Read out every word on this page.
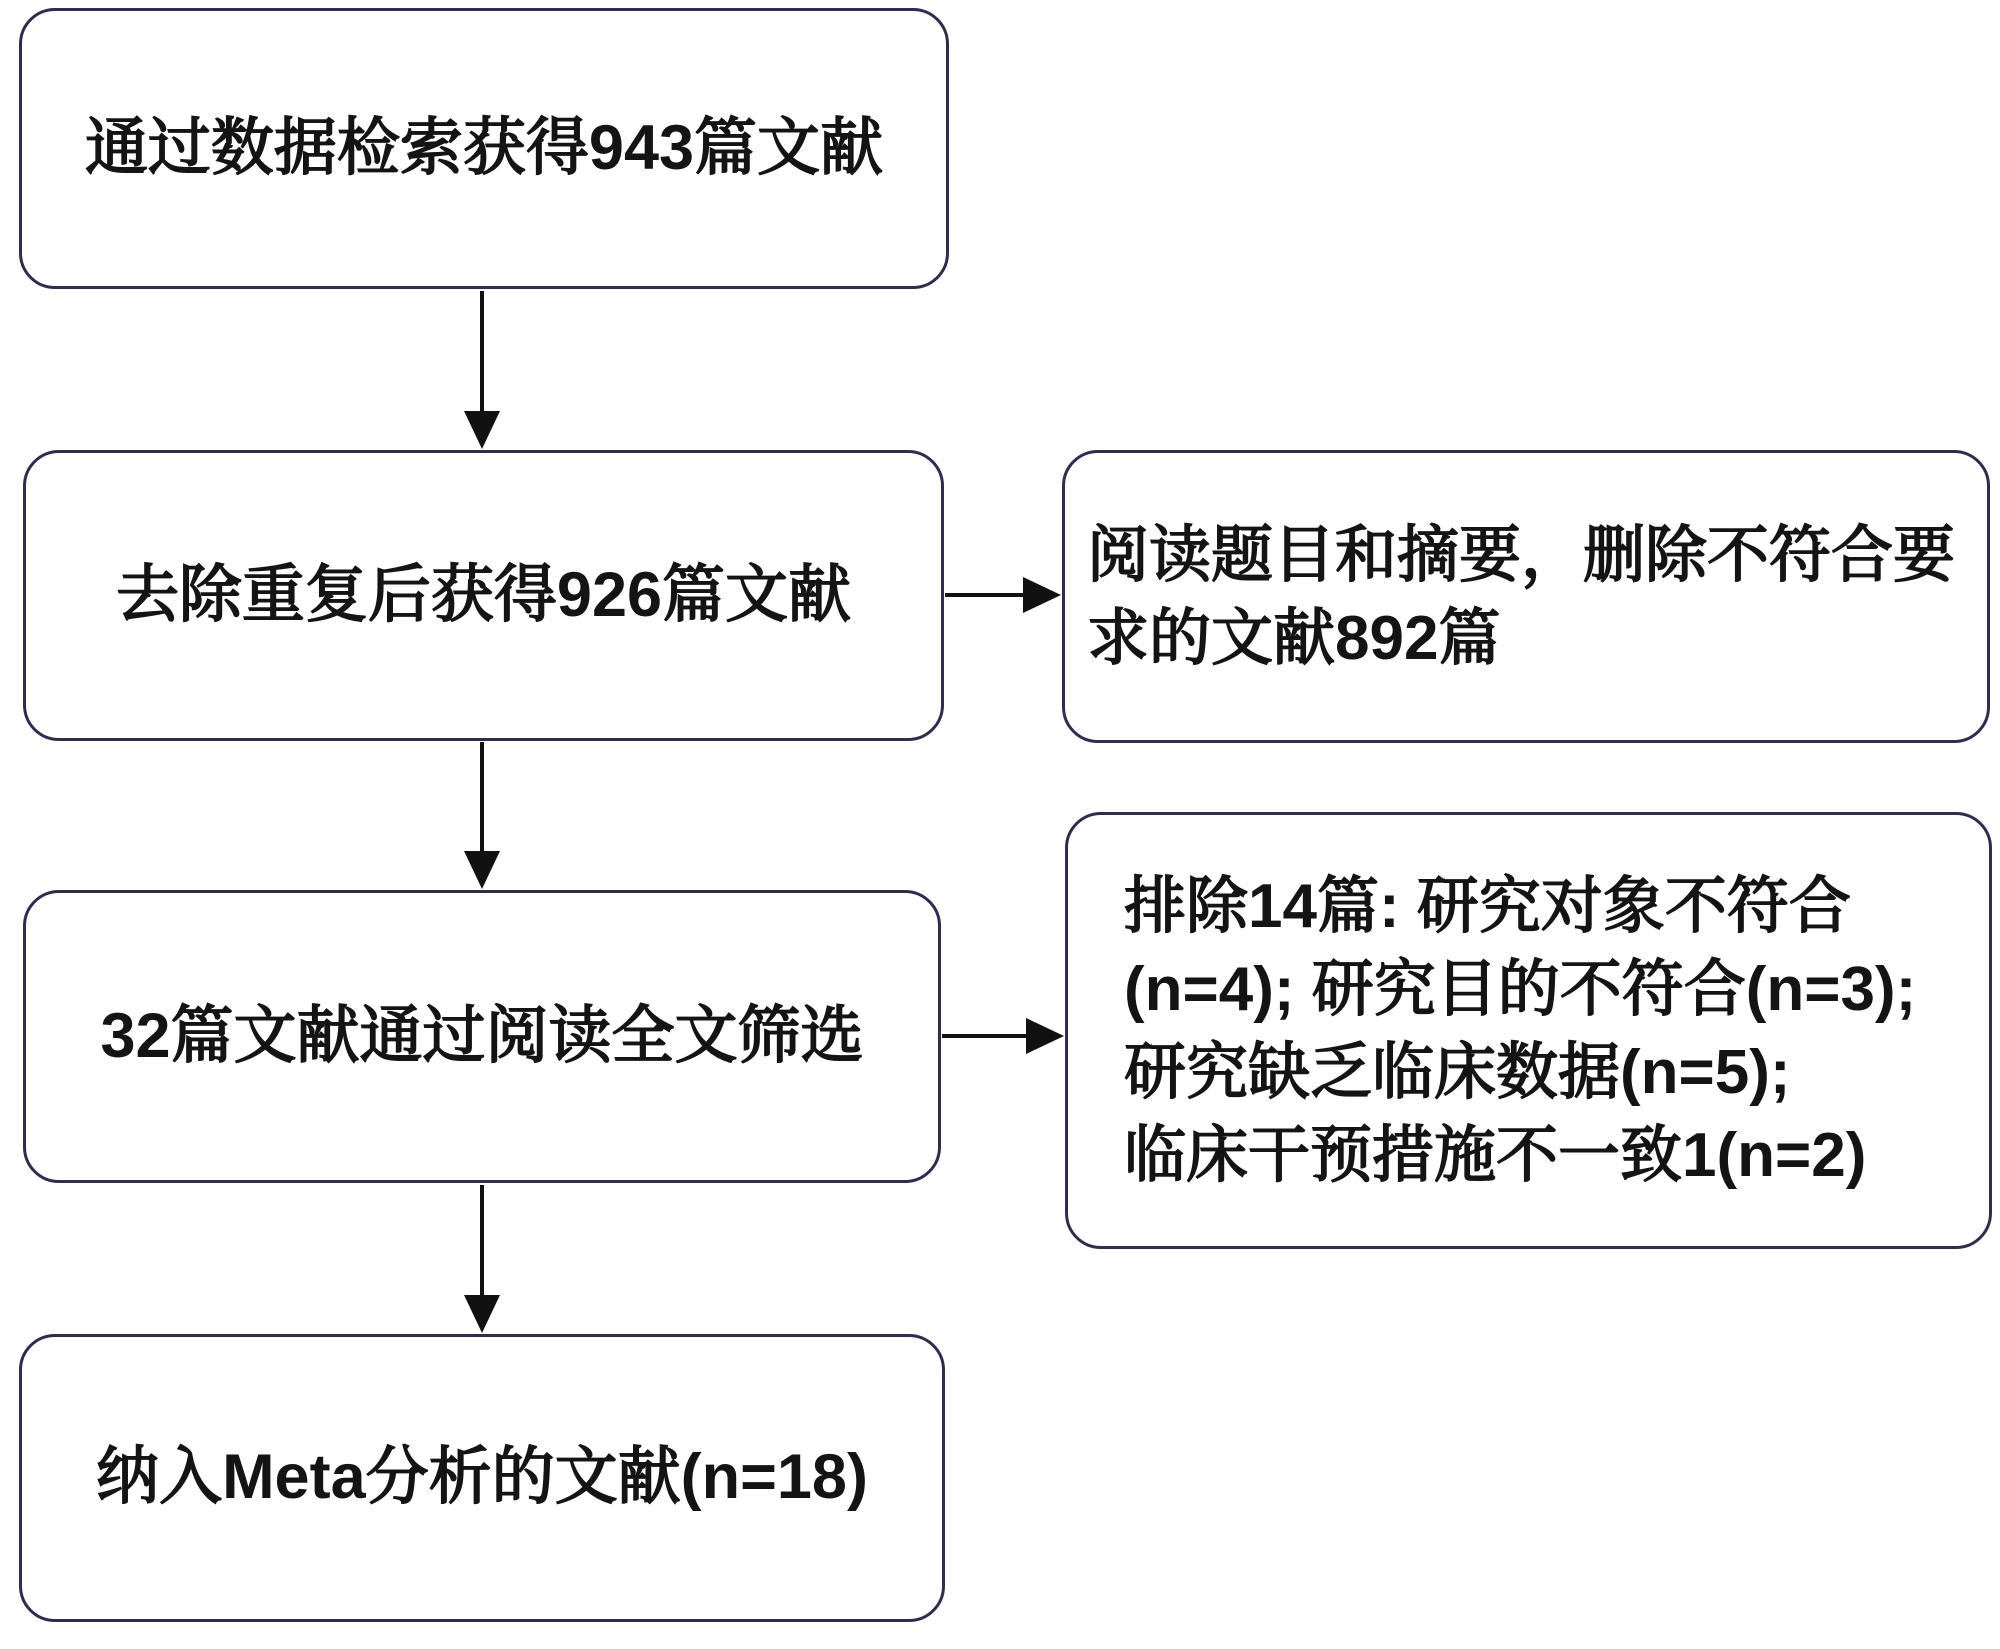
通过数据检索获得943篇文献
去除重复后获得926篇文献
阅读题目和摘要，删除不符合要
求的文献892篇
32篇文献通过阅读全文筛选
排除14篇: 研究对象不符合
(n=4); 研究目的不符合(n=3);
研究缺乏临床数据(n=5);
临床干预措施不一致1(n=2)
纳入Meta分析的文献(n=18)
